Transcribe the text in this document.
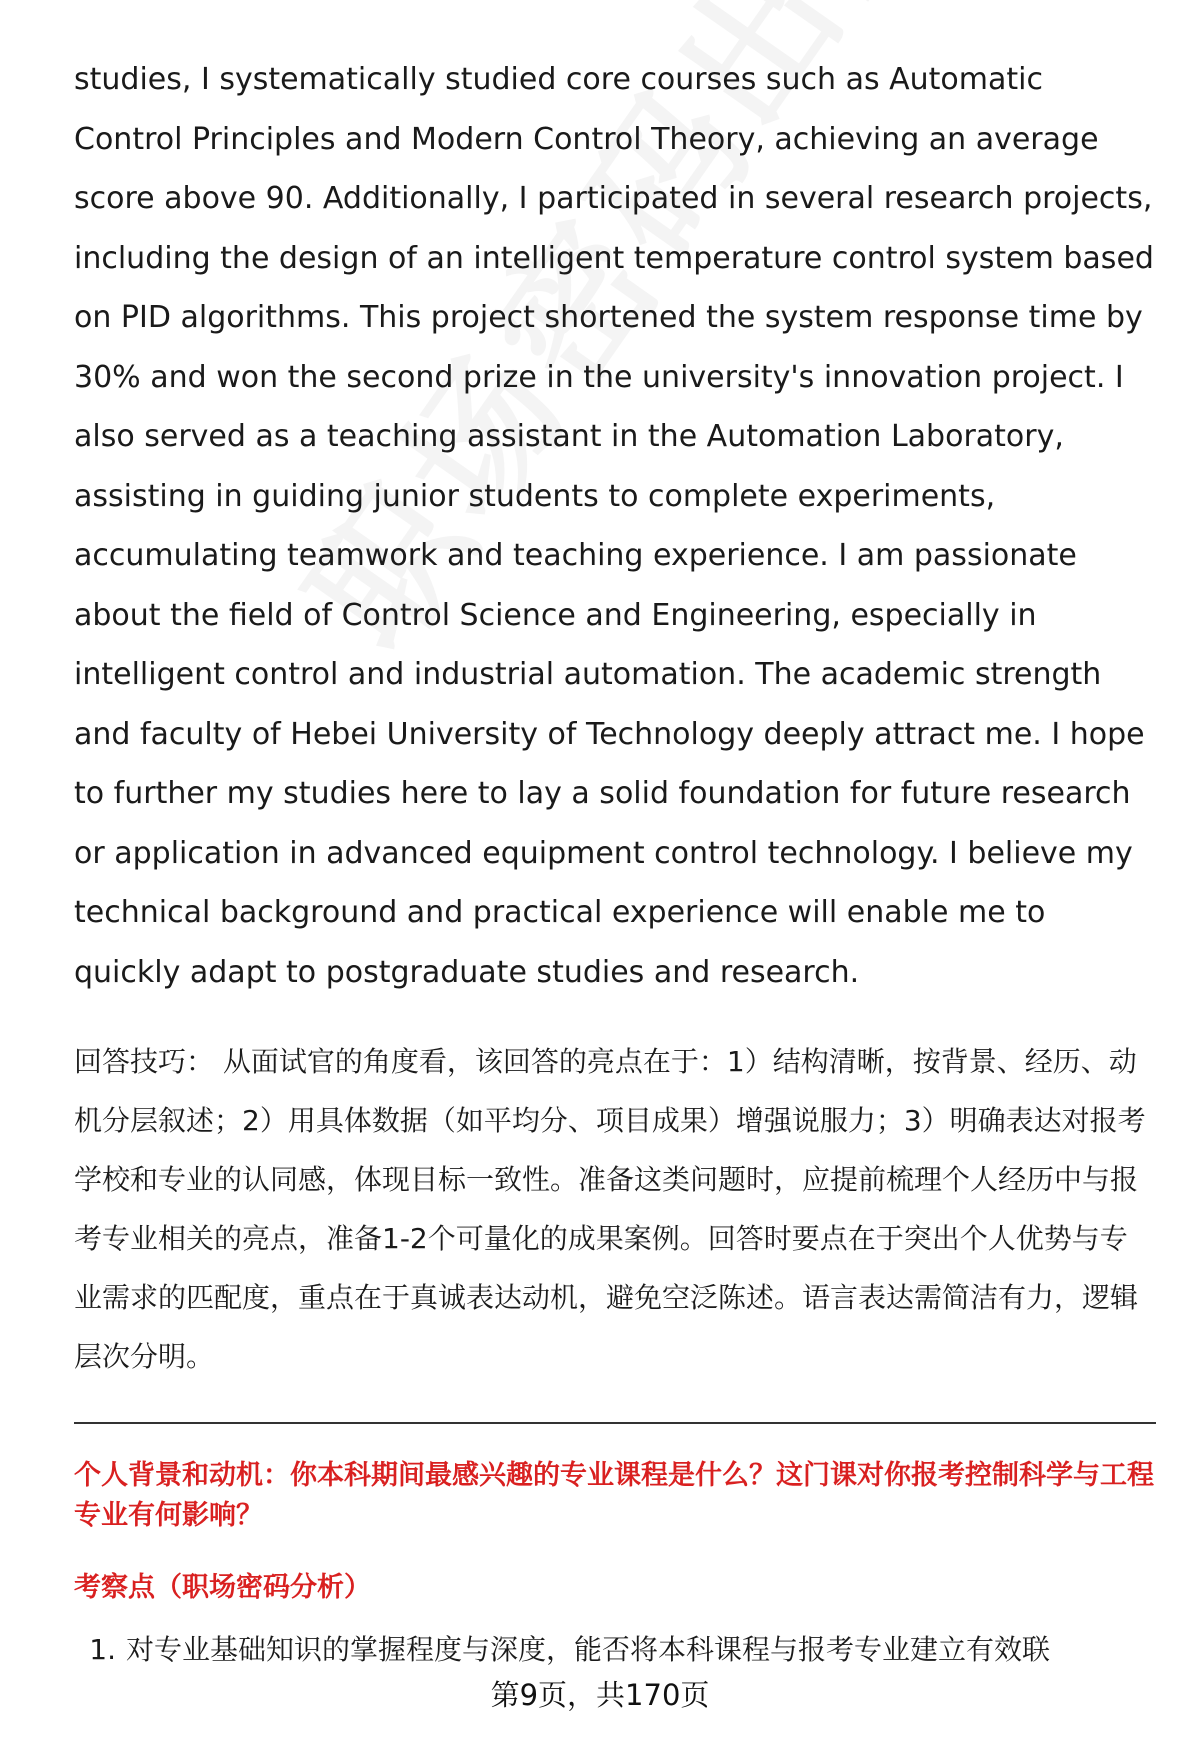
studies, I systematically studied core courses such as Automatic Control Principles and Modern Control Theory, achieving an average score above 90. Additionally, I participated in several research projects, including the design of an intelligent temperature control system based on PID algorithms. This project shortened the system response time by 30% and won the second prize in the university's innovation project. I also served as a teaching assistant in the Automation Laboratory, assisting in guiding junior students to complete experiments, accumulating teamwork and teaching experience. I am passionate about the field of Control Science and Engineering, especially in intelligent control and industrial automation. The academic strength and faculty of Hebei University of Technology deeply attract me. I hope to further my studies here to lay a solid foundation for future research or application in advanced equipment control technology. I believe my technical background and practical experience will enable me to quickly adapt to postgraduate studies and research.

回答技巧： 从面试官的角度看，该回答的亮点在于：1）结构清晰，按背景、经历、动机分层叙述；2）用具体数据（如平均分、项目成果）增强说服力；3）明确表达对报考学校和专业的认同感，体现目标一致性。准备这类问题时，应提前梳理个人经历中与报考专业相关的亮点，准备1-2个可量化的成果案例。回答时要点在于突出个人优势与专业需求的匹配度，重点在于真诚表达动机，避免空泛陈述。语言表达需简洁有力，逻辑层次分明。
个人背景和动机：你本科期间最感兴趣的专业课程是什么？这门课对你报考控制科学与工程专业有何影响？
考察点（职场密码分析）
1. 对专业基础知识的掌握程度与深度，能否将本科课程与报考专业建立有效联
第9页，共170页
